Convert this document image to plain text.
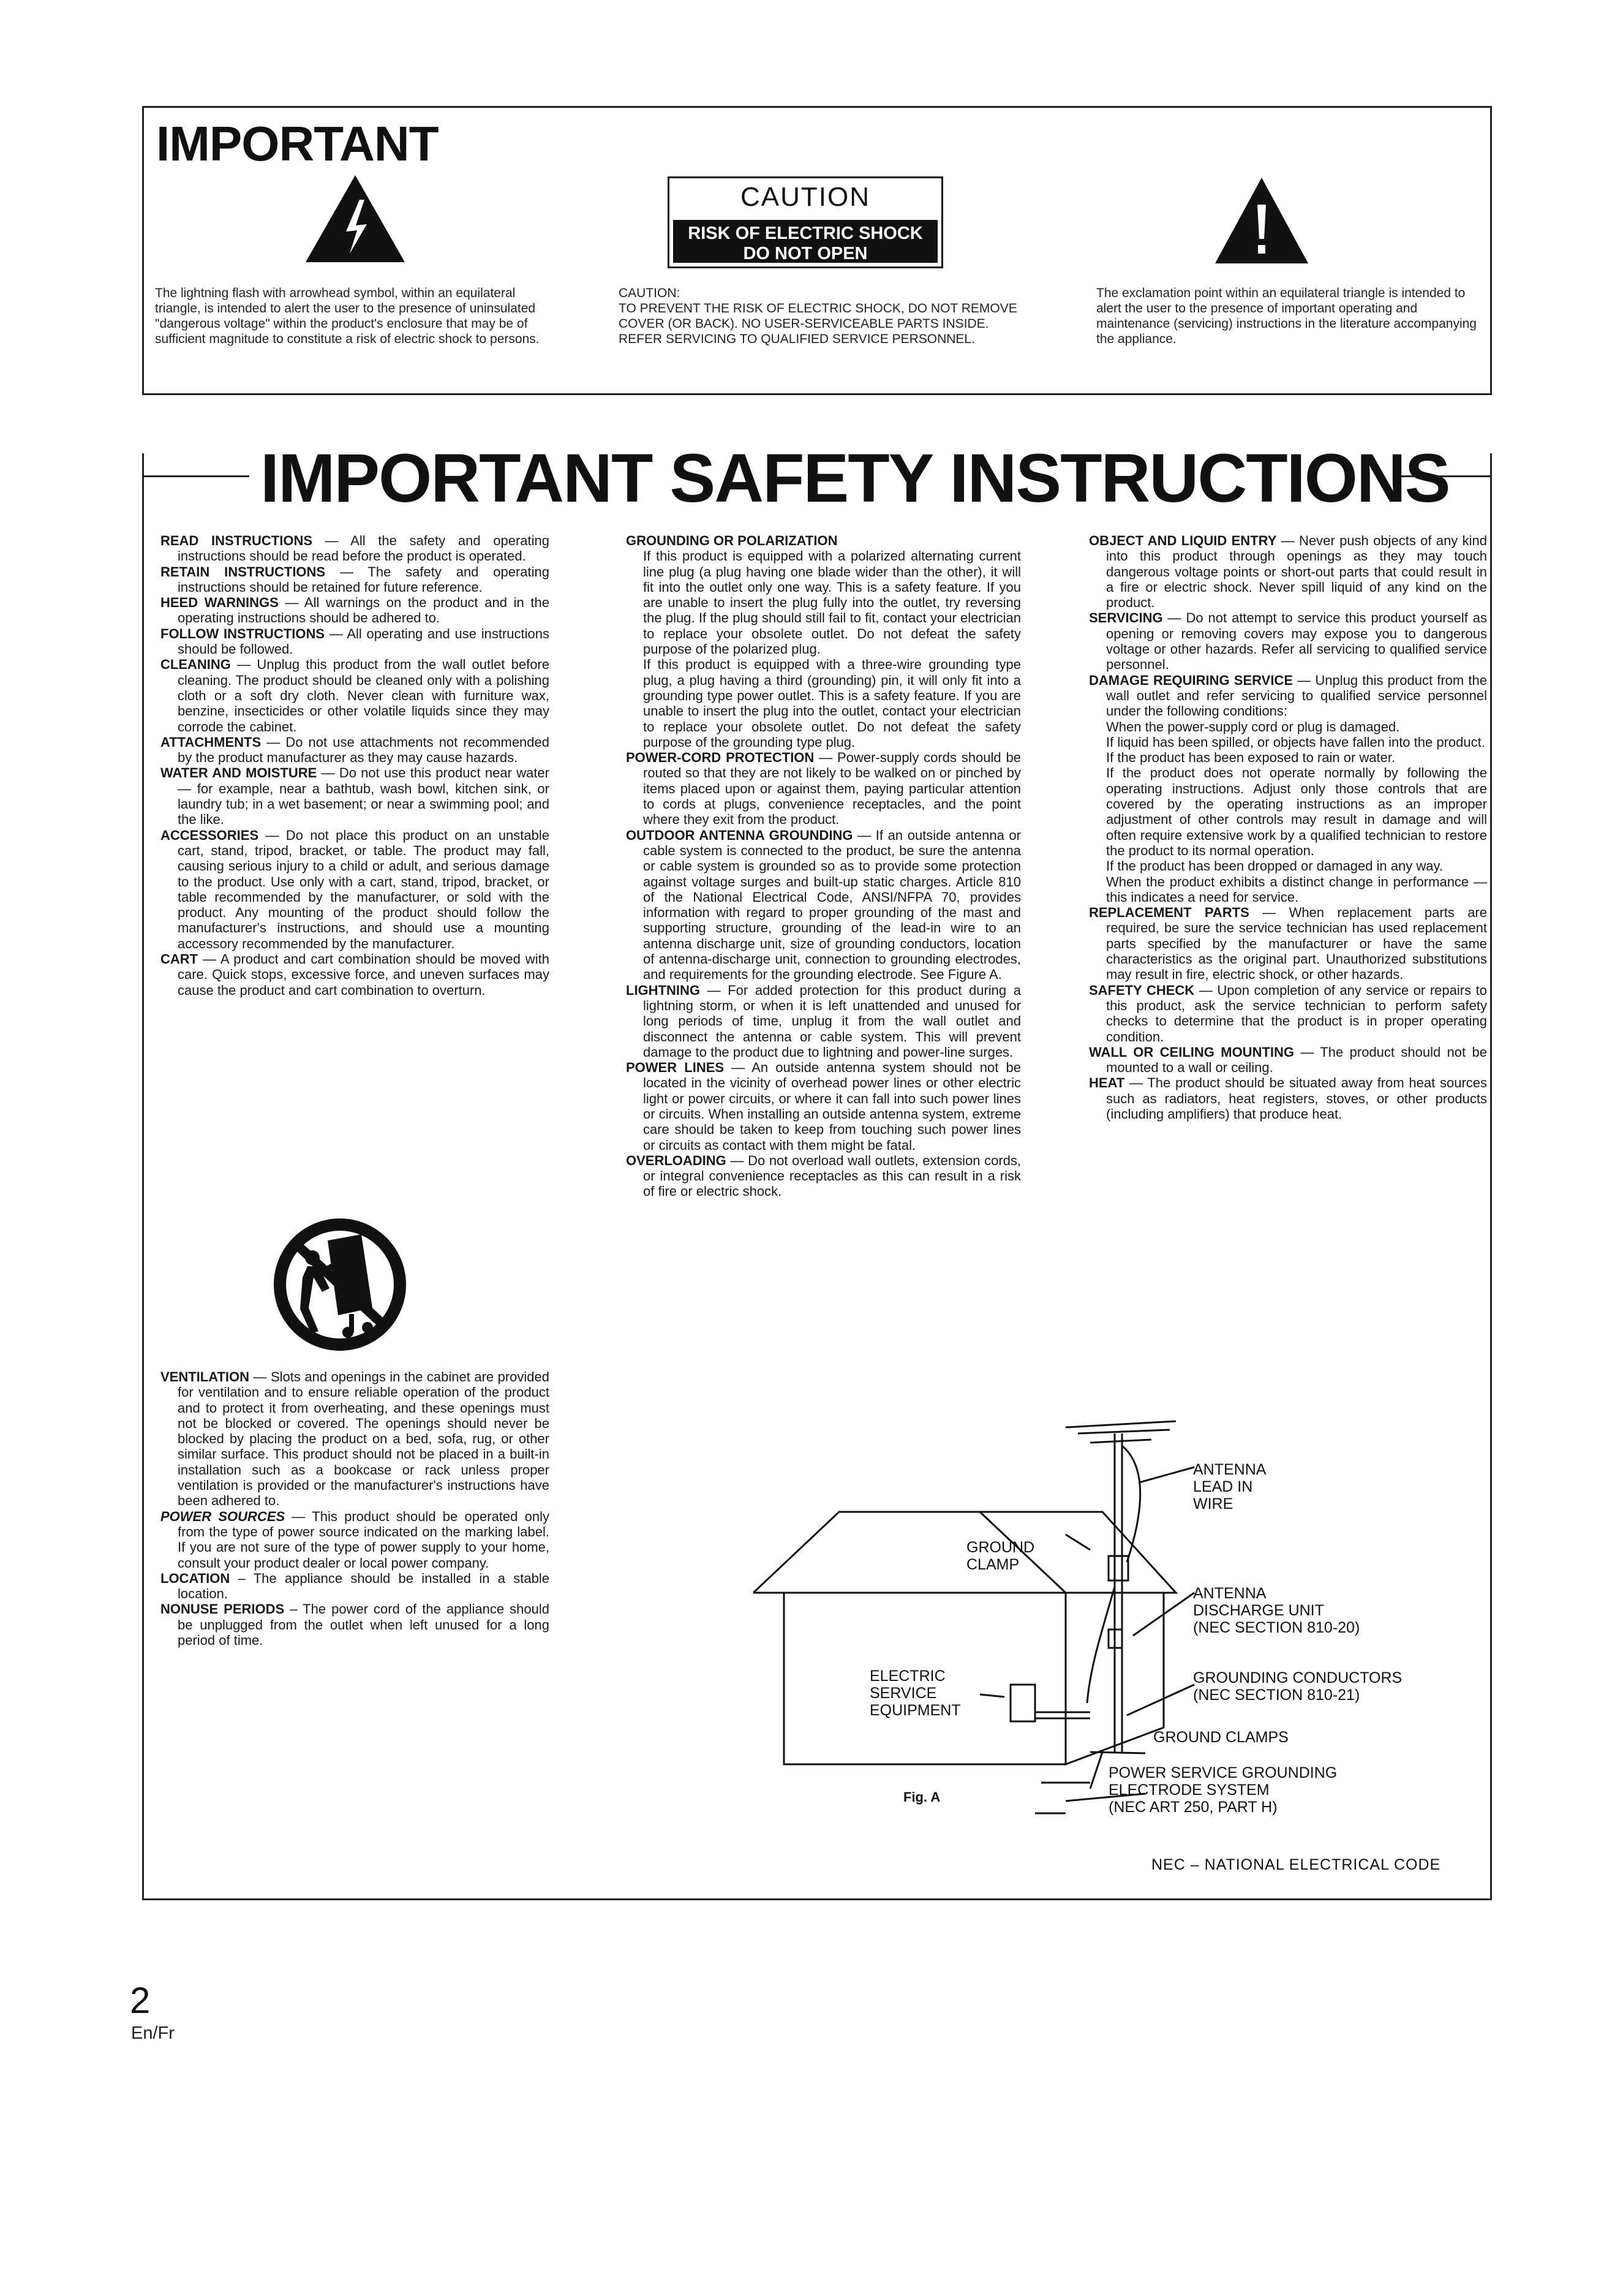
IMPORTANT
CAUTION
RISK OF ELECTRIC SHOCK
DO NOT OPEN

The lightning flash with arrowhead symbol, within an equilateral triangle, is intended to alert the user to the presence of uninsulated "dangerous voltage" within the product's enclosure that may be of sufficient magnitude to constitute a risk of electric shock to persons.

CAUTION:
TO PREVENT THE RISK OF ELECTRIC SHOCK, DO NOT REMOVE COVER (OR BACK). NO USER-SERVICEABLE PARTS INSIDE. REFER SERVICING TO QUALIFIED SERVICE PERSONNEL.

The exclamation point within an equilateral triangle is intended to alert the user to the presence of important operating and maintenance (servicing) instructions in the literature accompanying the appliance.

IMPORTANT SAFETY INSTRUCTIONS

READ INSTRUCTIONS — All the safety and operating instructions should be read before the product is operated.

RETAIN INSTRUCTIONS — The safety and operating instructions should be retained for future reference.

HEED WARNINGS — All warnings on the product and in the operating instructions should be adhered to.

FOLLOW INSTRUCTIONS — All operating and use instructions should be followed.

CLEANING — Unplug this product from the wall outlet before cleaning. The product should be cleaned only with a polishing cloth or a soft dry cloth. Never clean with furniture wax, benzine, insecticides or other volatile liquids since they may corrode the cabinet.

ATTACHMENTS — Do not use attachments not recommended by the product manufacturer as they may cause hazards.

WATER AND MOISTURE — Do not use this product near water — for example, near a bathtub, wash bowl, kitchen sink, or laundry tub; in a wet basement; or near a swimming pool; and the like.

ACCESSORIES — Do not place this product on an unstable cart, stand, tripod, bracket, or table. The product may fall, causing serious injury to a child or adult, and serious damage to the product. Use only with a cart, stand, tripod, bracket, or table recommended by the manufacturer, or sold with the product. Any mounting of the product should follow the manufacturer's instructions, and should use a mounting accessory recommended by the manufacturer.

CART — A product and cart combination should be moved with care. Quick stops, excessive force, and uneven surfaces may cause the product and cart combination to overturn.

VENTILATION — Slots and openings in the cabinet are provided for ventilation and to ensure reliable operation of the product and to protect it from overheating, and these openings must not be blocked or covered. The openings should never be blocked by placing the product on a bed, sofa, rug, or other similar surface. This product should not be placed in a built-in installation such as a bookcase or rack unless proper ventilation is provided or the manufacturer's instructions have been adhered to.

POWER SOURCES — This product should be operated only from the type of power source indicated on the marking label. If you are not sure of the type of power supply to your home, consult your product dealer or local power company.

LOCATION – The appliance should be installed in a stable location.

NONUSE PERIODS – The power cord of the appliance should be unplugged from the outlet when left unused for a long period of time.

GROUNDING OR POLARIZATION

If this product is equipped with a polarized alternating current line plug (a plug having one blade wider than the other), it will fit into the outlet only one way. This is a safety feature. If you are unable to insert the plug fully into the outlet, try reversing the plug. If the plug should still fail to fit, contact your electrician to replace your obsolete outlet. Do not defeat the safety purpose of the polarized plug.

If this product is equipped with a three-wire grounding type plug, a plug having a third (grounding) pin, it will only fit into a grounding type power outlet. This is a safety feature. If you are unable to insert the plug into the outlet, contact your electrician to replace your obsolete outlet. Do not defeat the safety purpose of the grounding type plug.

POWER-CORD PROTECTION — Power-supply cords should be routed so that they are not likely to be walked on or pinched by items placed upon or against them, paying particular attention to cords at plugs, convenience receptacles, and the point where they exit from the product.

OUTDOOR ANTENNA GROUNDING — If an outside antenna or cable system is connected to the product, be sure the antenna or cable system is grounded so as to provide some protection against voltage surges and built-up static charges. Article 810 of the National Electrical Code, ANSI/NFPA 70, provides information with regard to proper grounding of the mast and supporting structure, grounding of the lead-in wire to an antenna discharge unit, size of grounding conductors, location of antenna-discharge unit, connection to grounding electrodes, and requirements for the grounding electrode. See Figure A.

LIGHTNING — For added protection for this product during a lightning storm, or when it is left unattended and unused for long periods of time, unplug it from the wall outlet and disconnect the antenna or cable system. This will prevent damage to the product due to lightning and power-line surges.

POWER LINES — An outside antenna system should not be located in the vicinity of overhead power lines or other electric light or power circuits, or where it can fall into such power lines or circuits. When installing an outside antenna system, extreme care should be taken to keep from touching such power lines or circuits as contact with them might be fatal.

OVERLOADING — Do not overload wall outlets, extension cords, or integral convenience receptacles as this can result in a risk of fire or electric shock.

OBJECT AND LIQUID ENTRY — Never push objects of any kind into this product through openings as they may touch dangerous voltage points or short-out parts that could result in a fire or electric shock. Never spill liquid of any kind on the product.

SERVICING — Do not attempt to service this product yourself as opening or removing covers may expose you to dangerous voltage or other hazards. Refer all servicing to qualified service personnel.

DAMAGE REQUIRING SERVICE — Unplug this product from the wall outlet and refer servicing to qualified service personnel under the following conditions:

When the power-supply cord or plug is damaged.

If liquid has been spilled, or objects have fallen into the product.

If the product has been exposed to rain or water.

If the product does not operate normally by following the operating instructions. Adjust only those controls that are covered by the operating instructions as an improper adjustment of other controls may result in damage and will often require extensive work by a qualified technician to restore the product to its normal operation.

If the product has been dropped or damaged in any way.

When the product exhibits a distinct change in performance — this indicates a need for service.

REPLACEMENT PARTS — When replacement parts are required, be sure the service technician has used replacement parts specified by the manufacturer or have the same characteristics as the original part. Unauthorized substitutions may result in fire, electric shock, or other hazards.

SAFETY CHECK — Upon completion of any service or repairs to this product, ask the service technician to perform safety checks to determine that the product is in proper operating condition.

WALL OR CEILING MOUNTING — The product should not be mounted to a wall or ceiling.

HEAT — The product should be situated away from heat sources such as radiators, heat registers, stoves, or other products (including amplifiers) that produce heat.

ANTENNA
LEAD IN
WIRE
GROUND
CLAMP
ANTENNA
DISCHARGE UNIT
(NEC SECTION 810-20)
ELECTRIC
SERVICE
EQUIPMENT
GROUNDING CONDUCTORS
(NEC SECTION 810-21)
GROUND CLAMPS
POWER SERVICE GROUNDING
ELECTRODE SYSTEM
(NEC ART 250, PART H)
Fig. A
NEC – NATIONAL ELECTRICAL CODE
2
En/Fr
